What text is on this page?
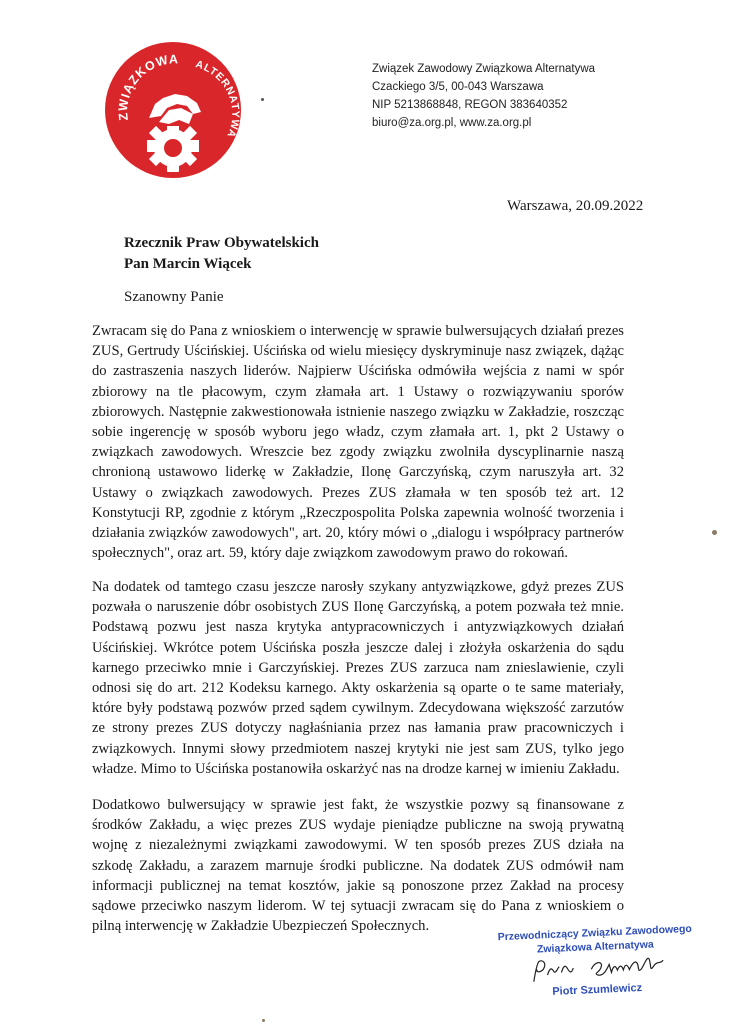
ZWIĄZKOWA ALTERNATYWA
Związek Zawodowy Związkowa Alternatywa
Czackiego 3/5, 00-043 Warszawa
NIP 5213868848, REGON 383640352
biuro@za.org.pl, www.za.org.pl
Warszawa, 20.09.2022
Rzecznik Praw Obywatelskich
Pan Marcin Wiącek
Szanowny Panie
Zwracam się do Pana z wnioskiem o interwencję w sprawie bulwersujących działań prezes ZUS, Gertrudy Uścińskiej. Uścińska od wielu miesięcy dyskryminuje nasz związek, dążąc do zastraszenia naszych liderów. Najpierw Uścińska odmówiła wejścia z nami w spór zbiorowy na tle płacowym, czym złamała art. 1 Ustawy o rozwiązywaniu sporów zbiorowych. Następnie zakwestionowała istnienie naszego związku w Zakładzie, roszcząc sobie ingerencję w sposób wyboru jego władz, czym złamała art. 1, pkt 2 Ustawy o związkach zawodowych. Wreszcie bez zgody związku zwolniła dyscyplinarnie naszą chronioną ustawowo liderkę w Zakładzie, Ilonę Garczyńską, czym naruszyła art. 32 Ustawy o związkach zawodowych. Prezes ZUS złamała w ten sposób też art. 12 Konstytucji RP, zgodnie z którym „Rzeczpospolita Polska zapewnia wolność tworzenia i działania związków zawodowych", art. 20, który mówi o „dialogu i współpracy partnerów społecznych", oraz art. 59, który daje związkom zawodowym prawo do rokowań.
Na dodatek od tamtego czasu jeszcze narosły szykany antyzwiązkowe, gdyż prezes ZUS pozwała o naruszenie dóbr osobistych ZUS Ilonę Garczyńską, a potem pozwała też mnie. Podstawą pozwu jest nasza krytyka antypracowniczych i antyzwiązkowych działań Uścińskiej. Wkrótce potem Uścińska poszła jeszcze dalej i złożyła oskarżenia do sądu karnego przeciwko mnie i Garczyńskiej. Prezes ZUS zarzuca nam znieslawienie, czyli odnosi się do art. 212 Kodeksu karnego. Akty oskarżenia są oparte o te same materiały, które były podstawą pozwów przed sądem cywilnym. Zdecydowana większość zarzutów ze strony prezes ZUS dotyczy nagłaśniania przez nas łamania praw pracowniczych i związkowych. Innymi słowy przedmiotem naszej krytyki nie jest sam ZUS, tylko jego władze. Mimo to Uścińska postanowiła oskarżyć nas na drodze karnej w imieniu Zakładu.
Dodatkowo bulwersujący w sprawie jest fakt, że wszystkie pozwy są finansowane z środków Zakładu, a więc prezes ZUS wydaje pieniądze publiczne na swoją prywatną wojnę z niezależnymi związkami zawodowymi. W ten sposób prezes ZUS działa na szkodę Zakładu, a zarazem marnuje środki publiczne. Na dodatek ZUS odmówił nam informacji publicznej na temat kosztów, jakie są ponoszone przez Zakład na procesy sądowe przeciwko naszym liderom. W tej sytuacji zwracam się do Pana z wnioskiem o pilną interwencję w Zakładzie Ubezpieczeń Społecznych.	Przewodniczący Związku Zawodowego
Związkowa Alternatywa
Piotr Szumlewicz
